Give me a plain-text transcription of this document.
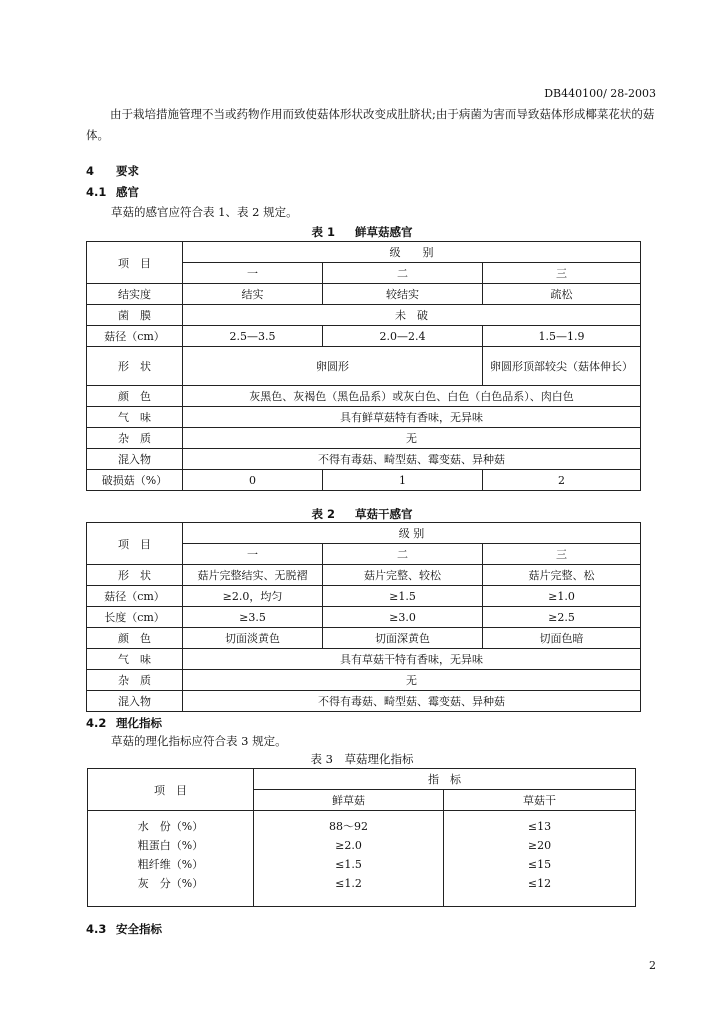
DB440100/ 28-2003
由于栽培措施管理不当或药物作用而致使菇体形状改变成肚脐状;由于病菌为害而导致菇体形成椰菜花状的菇体。
4 要求
4.1 感官
草菇的感官应符合表 1、表 2 规定。
表 1 鲜草菇感官
项　目	级　　别		
	一	二	三
结实度	结实	较结实	疏松
菌　膜	未　破		
菇径（cm）	2.5—3.5	2.0—2.4	1.5—1.9
形　状	卵圆形		卵圆形顶部较尖（菇体伸长）
颜　色	灰黑色、灰褐色（黑色品系）或灰白色、白色（白色品系）、肉白色		
气　味	具有鲜草菇特有香味，无异味		
杂　质	无		
混入物	不得有毒菇、畸型菇、霉变菇、异种菇		
破损菇（%）	0	1	2
表 2 草菇干感官
项　目	级 别		
	一	二	三
形　状	菇片完整结实、无脱褶	菇片完整、较松	菇片完整、松
菇径（cm）	≥2.0，均匀	≥1.5	≥1.0
长度（cm）	≥3.5	≥3.0	≥2.5
颜　色	切面淡黄色	切面深黄色	切面色暗
气　味	具有草菇干特有香味，无异味		
杂　质	无		
混入物	不得有毒菇、畸型菇、霉变菇、异种菇		
4.2 理化指标
草菇的理化指标应符合表 3 规定。
表 3　草菇理化指标
项　目	指　标	
	鲜草菇	草菇干
水　份（%）	88～92	≤13
粗蛋白（%）	≥2.0	≥20
粗纤维（%）	≤1.5	≤15
灰　分（%）	≤1.2	≤12
4.3 安全指标
2
